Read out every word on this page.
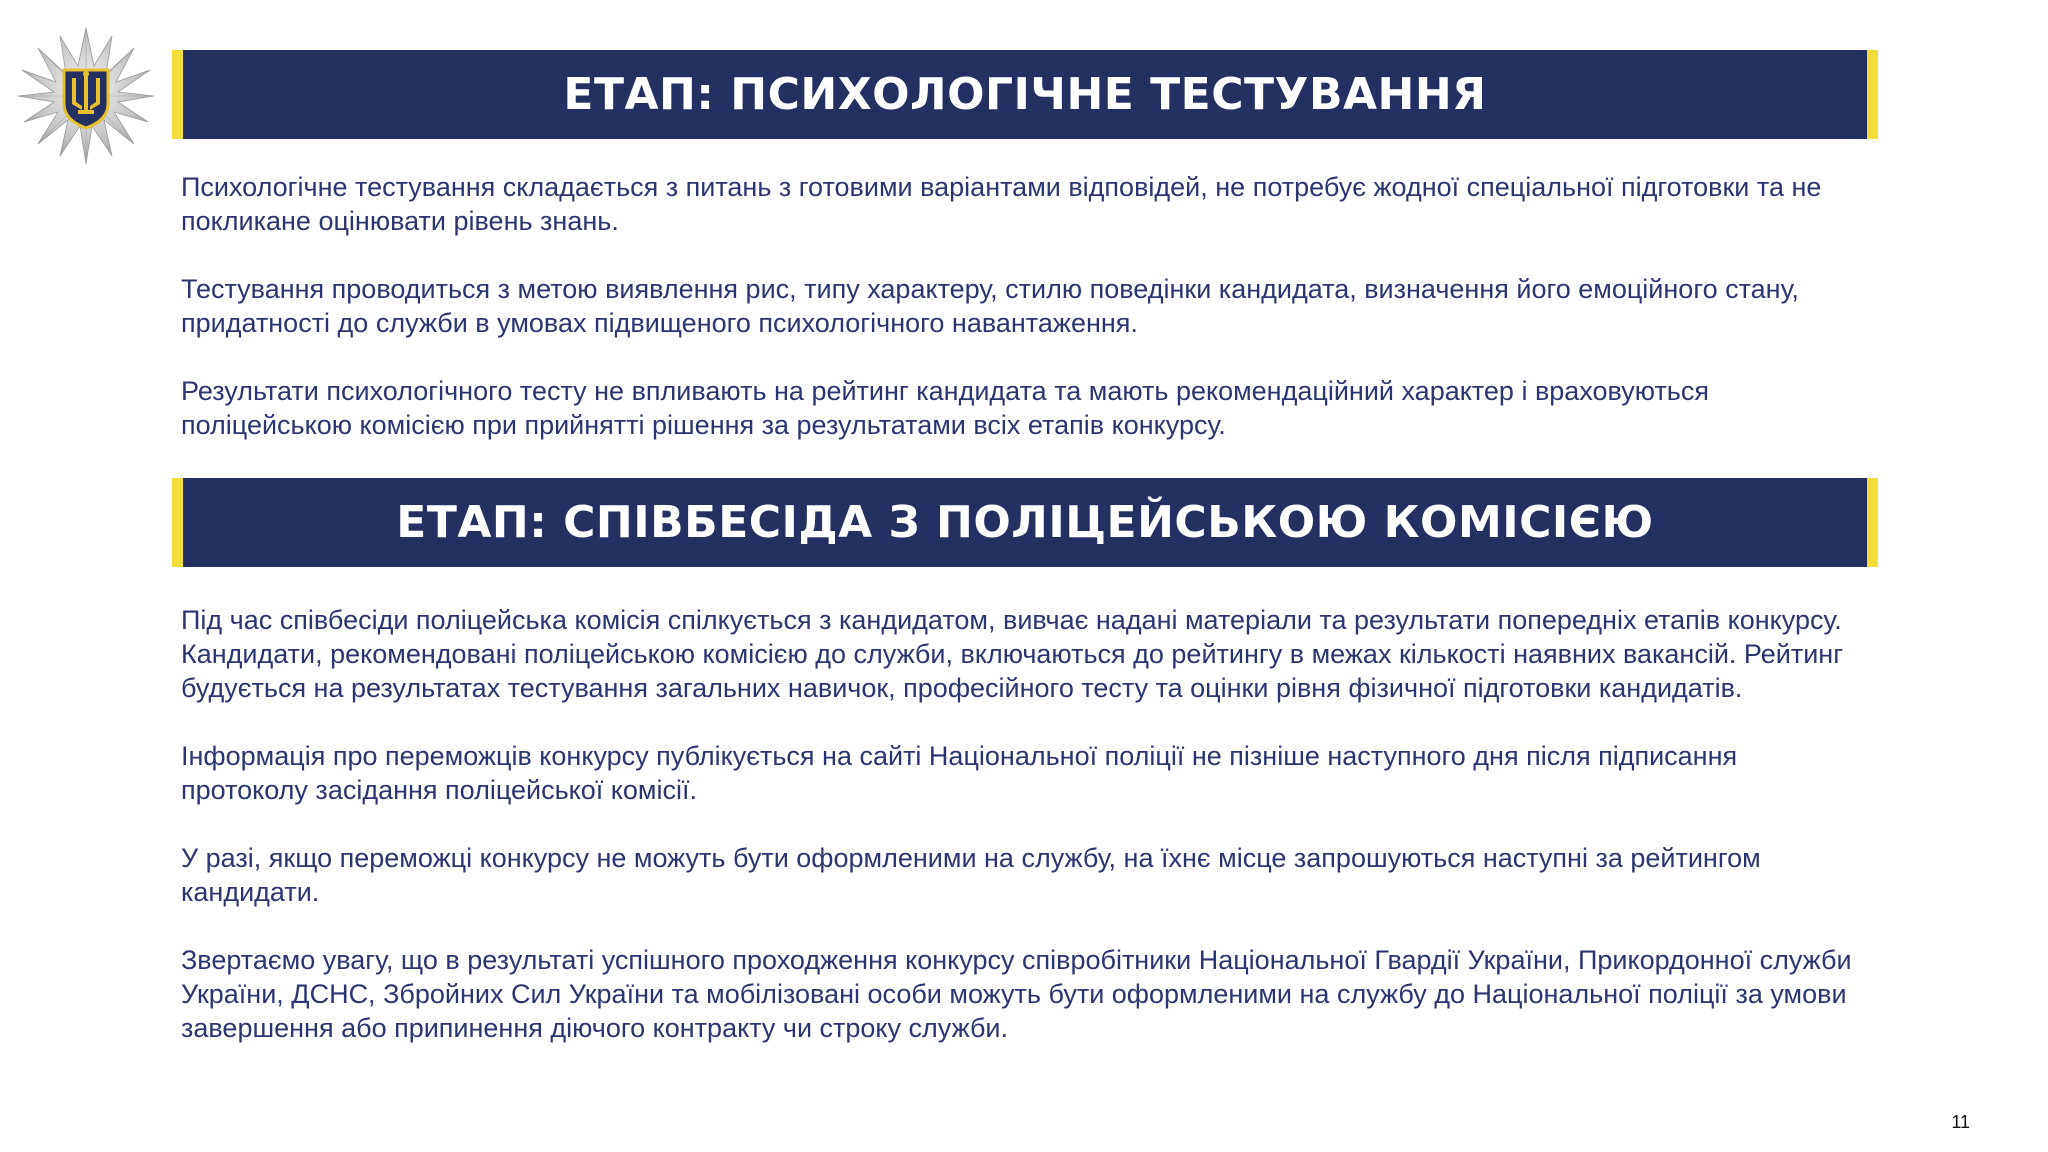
ЕТАП: ПСИХОЛОГІЧНЕ ТЕСТУВАННЯ

Психологічне тестування складається з питань з готовими варіантами відповідей, не потребує жодної спеціальної підготовки та не покликане оцінювати рівень знань.

Тестування проводиться з метою виявлення рис, типу характеру, стилю поведінки кандидата, визначення його емоційного стану, придатності до служби в умовах підвищеного психологічного навантаження.

Результати психологічного тесту не впливають на рейтинг кандидата та мають рекомендаційний характер і враховуються поліцейською комісією при прийнятті рішення за результатами всіх етапів конкурсу.

ЕТАП: СПІВБЕСІДА З ПОЛІЦЕЙСЬКОЮ КОМІСІЄЮ

Під час співбесіди поліцейська комісія спілкується з кандидатом, вивчає надані матеріали та результати попередніх етапів конкурсу.

Кандидати, рекомендовані поліцейською комісією до служби, включаються до рейтингу в межах кількості наявних вакансій. Рейтинг будується на результатах тестування загальних навичок, професійного тесту та оцінки рівня фізичної підготовки кандидатів.

Інформація про переможців конкурсу публікується на сайті Національної поліції не пізніше наступного дня після підписання протоколу засідання поліцейської комісії.

У разі, якщо переможці конкурсу не можуть бути оформленими на службу, на їхнє місце запрошуються наступні за рейтингом кандидати.

Звертаємо увагу, що в результаті успішного проходження конкурсу співробітники Національної Гвардії України, Прикордонної служби України, ДСНС, Збройних Сил України та мобілізовані особи можуть бути оформленими на службу до Національної поліції за умови завершення або припинення діючого контракту чи строку служби.

11
